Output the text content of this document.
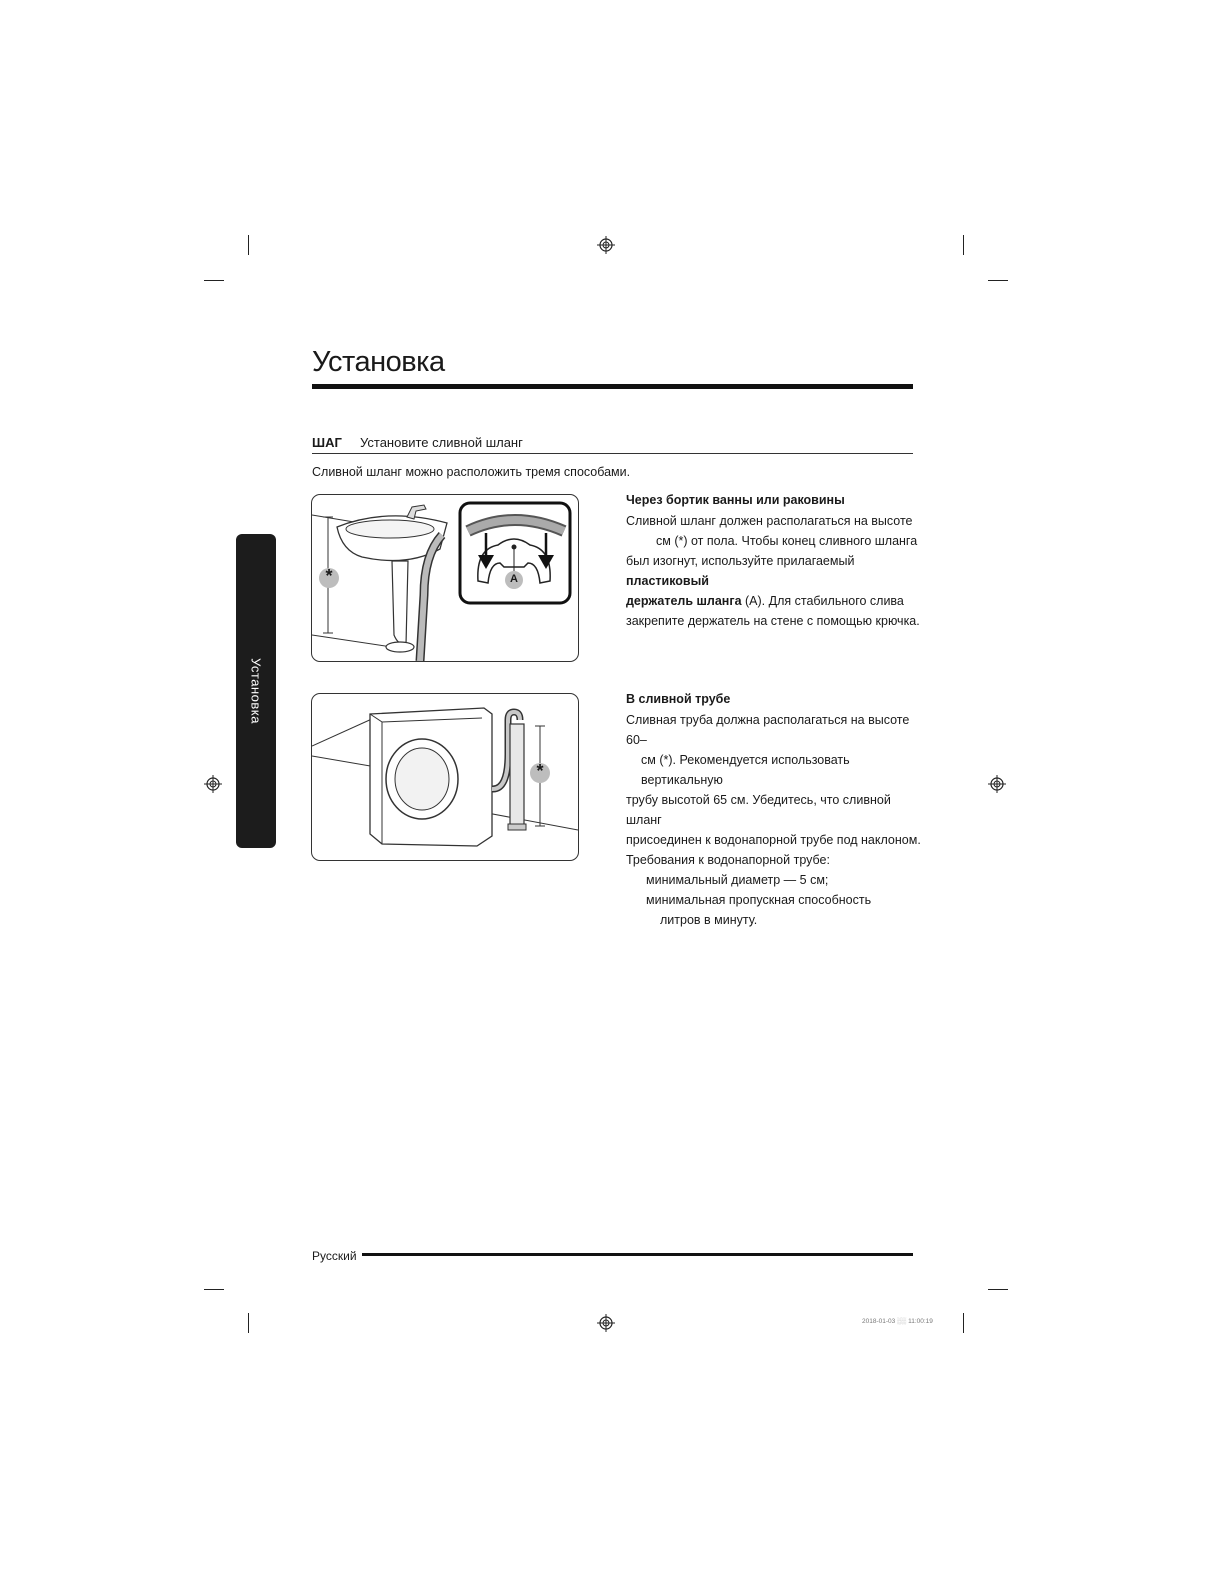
Установка
ШАГ Установите сливной шланг
Сливной шланг можно расположить тремя способами.
Установка
*	A
Через бортик ванны или раковины
Сливной шланг должен располагаться на высоте
см (*) от пола. Чтобы конец сливного шланга
был изогнут, используйте прилагаемый пластиковый
держатель шланга (A). Для стабильного слива
закрепите держатель на стене с помощью крючка.
*
В сливной трубе
Сливная труба должна располагаться на высоте 60–
см (*). Рекомендуется использовать вертикальную
трубу высотой 65 см. Убедитесь, что сливной шланг
присоединен к водонапорной трубе под наклоном.
Требования к водонапорной трубе:
минимальный диаметр — 5 см;
минимальная пропускная способность
литров в минуту.
Русский
2018-01-03 ░░ 11:00:19
